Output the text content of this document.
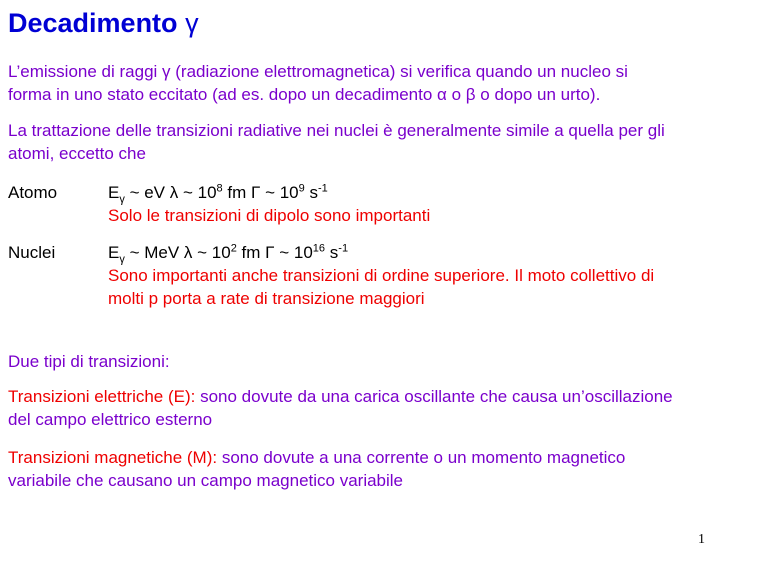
Decadimento γ
L’emissione di raggi γ (radiazione elettromagnetica) si verifica quando un nucleo si
forma in uno stato eccitato (ad es. dopo un decadimento α o β o dopo un urto).
La trattazione delle transizioni radiative nei nuclei è generalmente simile a quella per gli
atomi, eccetto che
Atomo	$E_\gamma$ ~ eV λ ~ $10^8$ fm Γ ~ $10^9$ $s^{-1}$
Solo le transizioni di dipolo sono importanti
Nuclei	$E_\gamma$ ~ MeV λ ~ $10^2$ fm Γ ~ $10^{16}$ $s^{-1}$
Sono importanti anche transizioni di ordine superiore. Il moto collettivo di
molti p porta a rate di transizione maggiori
Due tipi di transizioni:
Transizioni elettriche (E): sono dovute da una carica oscillante che causa un’oscillazione
del campo elettrico esterno
Transizioni magnetiche (M): sono dovute a una corrente o un momento magnetico
variabile che causano un campo magnetico variabile
1
